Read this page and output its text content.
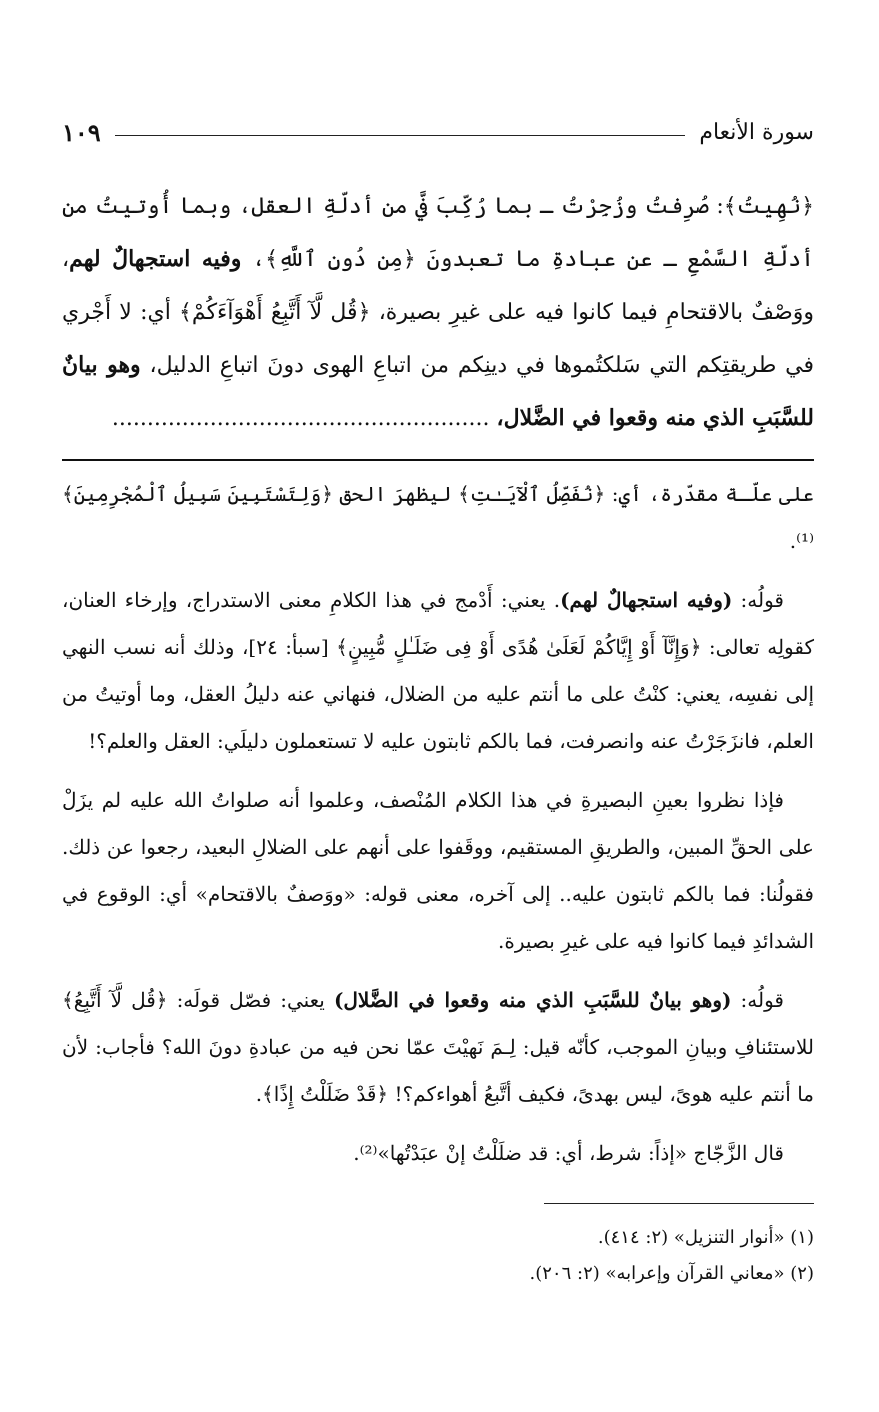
سورة الأنعام
١٠٩

﴿نُهِيتُ﴾: صُرِفتُ وزُجِرْتُ ـ بما رُكِّبَ فيَّ من أدلّةِ العقل، وبما أُوتيتُ من أدلّةِ السَّمْعِ ـ عن عبادةِ ما تعبدونَ ﴿مِن دُونِ ٱللَّهِ﴾، وفيه استجهالٌ لهم، ووَصْفٌ بالاقتحامِ فيما كانوا فيه على غيرِ بصيرة، ﴿قُل لَّآ أَتَّبِعُ أَهْوَآءَكُمْ﴾ أي: لا أَجْري في طريقتِكم التي سَلكتُموها في دينِكم من اتباعِ الهوى دونَ اتباعِ الدليل، وهو بيانٌ للسَّبَبِ الذي منه وقعوا في الضَّلال، ......................................................

على علّـة مقدّرة، أي: ﴿نُفَصِّلُ ٱلْآيَـٰتِ﴾ ليظهرَ الحق ﴿وَلِتَسْتَبِينَ سَبِيلُ ٱلْمُجْرِمِينَ﴾⁽¹⁾.

قولُه: (وفيه استجهالٌ لهم). يعني: أَدْمج في هذا الكلامِ معنى الاستدراج، وإرخاء العنان، كقولِه تعالى: ﴿وَإِنَّآ أَوْ إِيَّاكُمْ لَعَلَىٰ هُدًى أَوْ فِى ضَلَـٰلٍ مُّبِينٍ﴾ [سبأ: ٢٤]، وذلك أنه نسب النهي إلى نفسِه، يعني: كنْتُ على ما أنتم عليه من الضلال، فنهاني عنه دليلُ العقل، وما أوتيتُ من العلم، فانزَجَرْتُ عنه وانصرفت، فما بالكم ثابتون عليه لا تستعملون دليلَي: العقل والعلم؟!

فإذا نظروا بعينِ البصيرةِ في هذا الكلام المُنْصف، وعلموا أنه صلواتُ الله عليه لم يزَلْ على الحقِّ المبين، والطريقِ المستقيم، ووقَفوا على أنهم على الضلالِ البعيد، رجعوا عن ذلك. فقولُنا: فما بالكم ثابتون عليه.. إلى آخره، معنى قوله: «ووَصفٌ بالاقتحام» أي: الوقوع في الشدائدِ فيما كانوا فيه على غيرِ بصيرة.

قولُه: (وهو بيانٌ للسَّبَبِ الذي منه وقعوا في الضَّلال) يعني: فصّل قولَه: ﴿قُل لَّآ أَتَّبِعُ﴾ للاستئنافِ وبيانِ الموجب، كأنّه قيل: لِـمَ نَهيْتَ عمّا نحن فيه من عبادةِ دونَ الله؟ فأجاب: لأن ما أنتم عليه هوىً، ليس بهدىً، فكيف أتَّبعُ أهواءكم؟! ﴿قَدْ ضَلَلْتُ إِذًا﴾.

قال الزَّجّاج «إذاً: شرط، أي: قد ضلَلْتُ إنْ عبَدْتُها»⁽²⁾.

(١) «أنوار التنزيل» (٢: ٤١٤).
(٢) «معاني القرآن وإعرابه» (٢: ٢٠٦).
